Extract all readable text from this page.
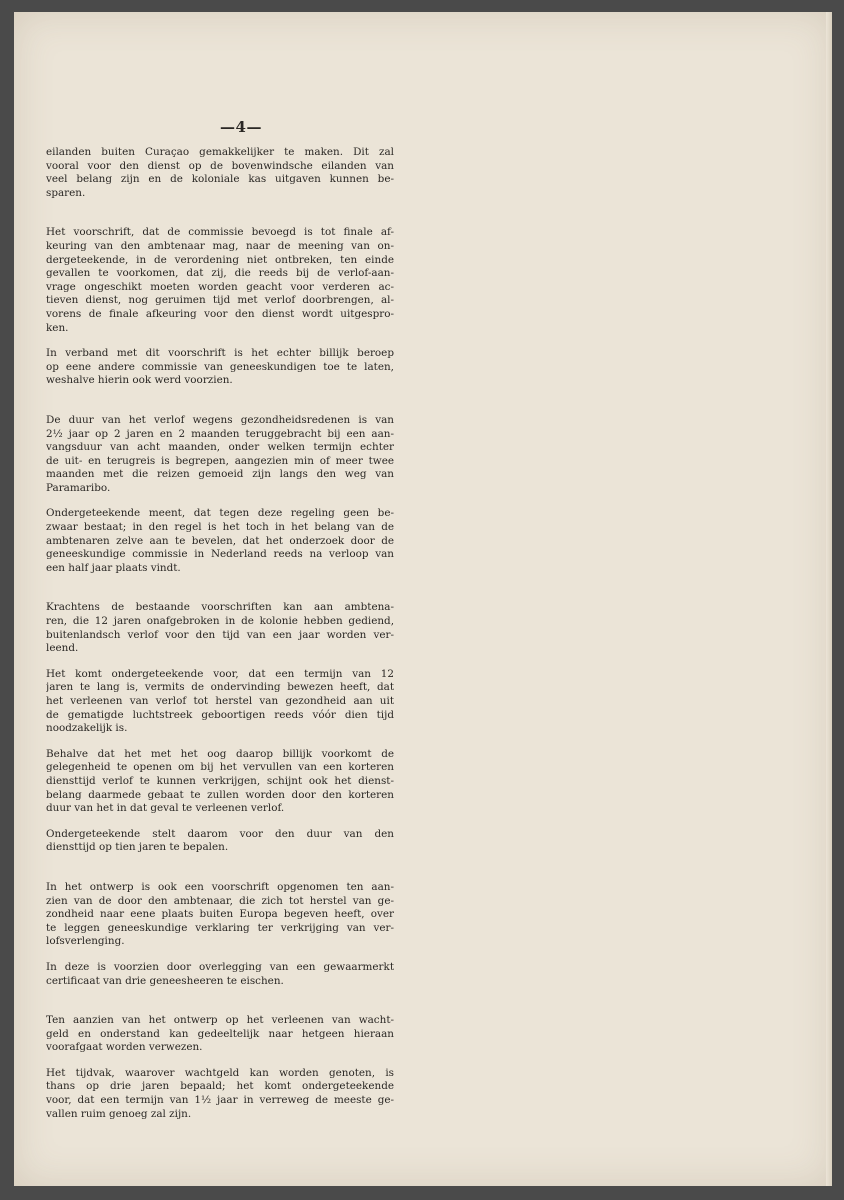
—4—
eilanden buiten Curaçao gemakkelijker te maken. Dit zal
vooral voor den dienst op de bovenwindsche eilanden van
veel belang zijn en de koloniale kas uitgaven kunnen be-
sparen.
Het voorschrift, dat de commissie bevoegd is tot finale af-
keuring van den ambtenaar mag, naar de meening van on-
dergeteekende, in de verordening niet ontbreken, ten einde
gevallen te voorkomen, dat zij, die reeds bij de verlof-aan-
vrage ongeschikt moeten worden geacht voor verderen ac-
tieven dienst, nog geruimen tijd met verlof doorbrengen, al-
vorens de finale afkeuring voor den dienst wordt uitgespro-
ken.
In verband met dit voorschrift is het echter billijk beroep
op eene andere commissie van geneeskundigen toe te laten,
weshalve hierin ook werd voorzien.
De duur van het verlof wegens gezondheidsredenen is van
2½ jaar op 2 jaren en 2 maanden teruggebracht bij een aan-
vangsduur van acht maanden, onder welken termijn echter
de uit- en terugreis is begrepen, aangezien min of meer twee
maanden met die reizen gemoeid zijn langs den weg van
Paramaribo.
Ondergeteekende meent, dat tegen deze regeling geen be-
zwaar bestaat; in den regel is het toch in het belang van de
ambtenaren zelve aan te bevelen, dat het onderzoek door de
geneeskundige commissie in Nederland reeds na verloop van
een half jaar plaats vindt.
Krachtens de bestaande voorschriften kan aan ambtena-
ren, die 12 jaren onafgebroken in de kolonie hebben gediend,
buitenlandsch verlof voor den tijd van een jaar worden ver-
leend.
Het komt ondergeteekende voor, dat een termijn van 12
jaren te lang is, vermits de ondervinding bewezen heeft, dat
het verleenen van verlof tot herstel van gezondheid aan uit
de gematigde luchtstreek geboortigen reeds vóór dien tijd
noodzakelijk is.
Behalve dat het met het oog daarop billijk voorkomt de
gelegenheid te openen om bij het vervullen van een korteren
diensttijd verlof te kunnen verkrijgen, schijnt ook het dienst-
belang daarmede gebaat te zullen worden door den korteren
duur van het in dat geval te verleenen verlof.
Ondergeteekende stelt daarom voor den duur van den
diensttijd op tien jaren te bepalen.
In het ontwerp is ook een voorschrift opgenomen ten aan-
zien van de door den ambtenaar, die zich tot herstel van ge-
zondheid naar eene plaats buiten Europa begeven heeft, over
te leggen geneeskundige verklaring ter verkrijging van ver-
lofsverlenging.
In deze is voorzien door overlegging van een gewaarmerkt
certificaat van drie geneesheeren te eischen.
Ten aanzien van het ontwerp op het verleenen van wacht-
geld en onderstand kan gedeeltelijk naar hetgeen hieraan
voorafgaat worden verwezen.
Het tijdvak, waarover wachtgeld kan worden genoten, is
thans op drie jaren bepaald; het komt ondergeteekende
voor, dat een termijn van 1½ jaar in verreweg de meeste ge-
vallen ruim genoeg zal zijn.
